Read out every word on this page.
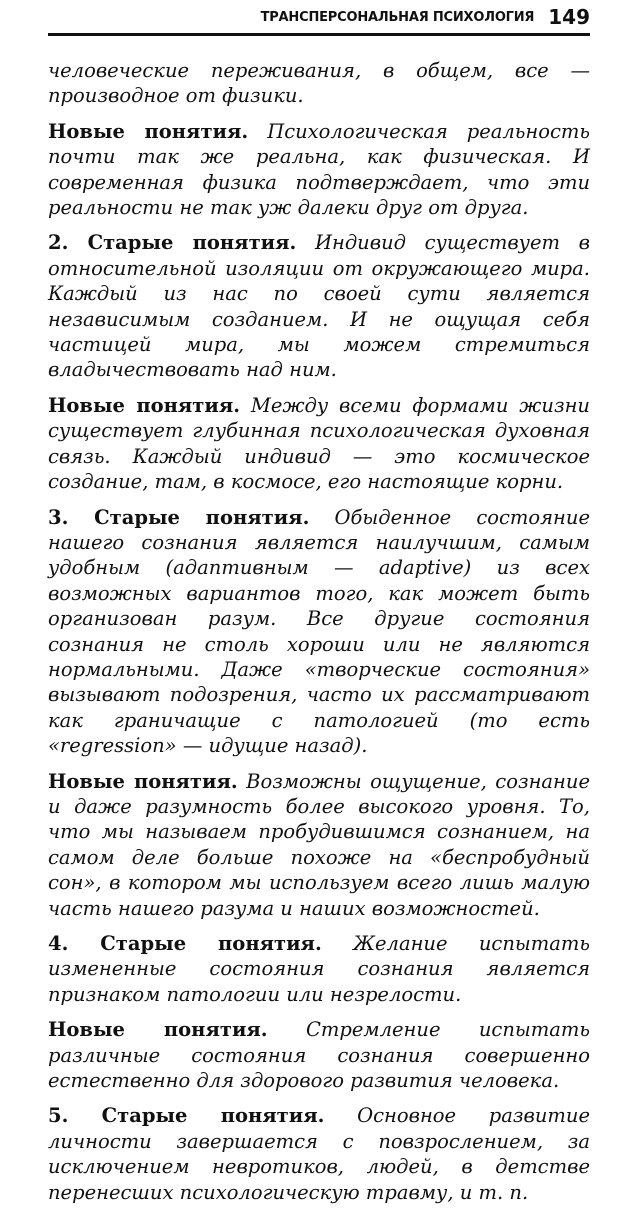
ТРАНСПЕРСОНАЛЬНАЯ ПСИХОЛОГИЯ 149

человеческие переживания, в общем, все — производное от физики.

Новые понятия. Психологическая реальность почти так же реальна, как физическая. И современная физика подтверждает, что эти реальности не так уж далеки друг от друга.

2. Старые понятия. Индивид существует в относительной изоляции от окружающего мира. Каждый из нас по своей сути является независимым созданием. И не ощущая себя частицей мира, мы можем стремиться владычествовать над ним.

Новые понятия. Между всеми формами жизни существует глубинная психологическая духовная связь. Каждый индивид — это космическое создание, там, в космосе, его настоящие корни.

3. Старые понятия. Обыденное состояние нашего сознания является наилучшим, самым удобным (адаптивным — adaptive) из всех возможных вариантов того, как может быть организован разум. Все другие состояния сознания не столь хороши или не являются нормальными. Даже «творческие состояния» вызывают подозрения, часто их рассматривают как граничащие с патологией (то есть «regression» — идущие назад).

Новые понятия. Возможны ощущение, сознание и даже разумность более высокого уровня. То, что мы называем пробудившимся сознанием, на самом деле больше похоже на «беспробудный сон», в котором мы используем всего лишь малую часть нашего разума и наших возможностей.

4. Старые понятия. Желание испытать измененные состояния сознания является признаком патологии или незрелости.

Новые понятия. Стремление испытать различные состояния сознания совершенно естественно для здорового развития человека.

5. Старые понятия. Основное развитие личности завершается с повзрослением, за исключением невротиков, людей, в детстве перенесших психологическую травму, и т. п.
